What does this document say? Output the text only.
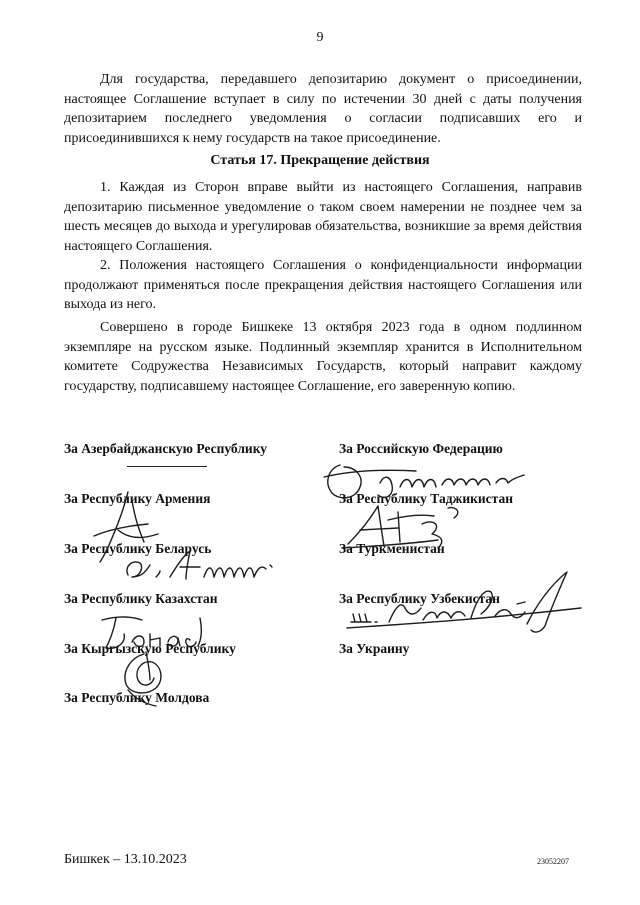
9

Для государства, передавшего депозитарию документ о присоединении, настоящее Соглашение вступает в силу по истечении 30 дней с даты получения депозитарием последнего уведомления о согласии подписавших его и присоединившихся к нему государств на такое присоединение.

Статья 17. Прекращение действия

1. Каждая из Сторон вправе выйти из настоящего Соглашения, направив депозитарию письменное уведомление о таком своем намерении не позднее чем за шесть месяцев до выхода и урегулировав обязательства, возникшие за время действия настоящего Соглашения.

2. Положения настоящего Соглашения о конфиденциальности информации продолжают применяться после прекращения действия настоящего Соглашения или выхода из него.

Совершено в городе Бишкеке 13 октября 2023 года в одном подлинном экземпляре на русском языке. Подлинный экземпляр хранится в Исполнительном комитете Содружества Независимых Государств, который направит каждому государству, подписавшему настоящее Соглашение, его заверенную копию.

За Азербайджанскую Республику
За Республику Армения
За Республику Беларусь
За Республику Казахстан
За Кыргызскую Республику
За Республику Молдова
За Российскую Федерацию
За Республику Таджикистан
За Туркменистан
За Республику Узбекистан
За Украину
Бишкек – 13.10.2023	23052207
